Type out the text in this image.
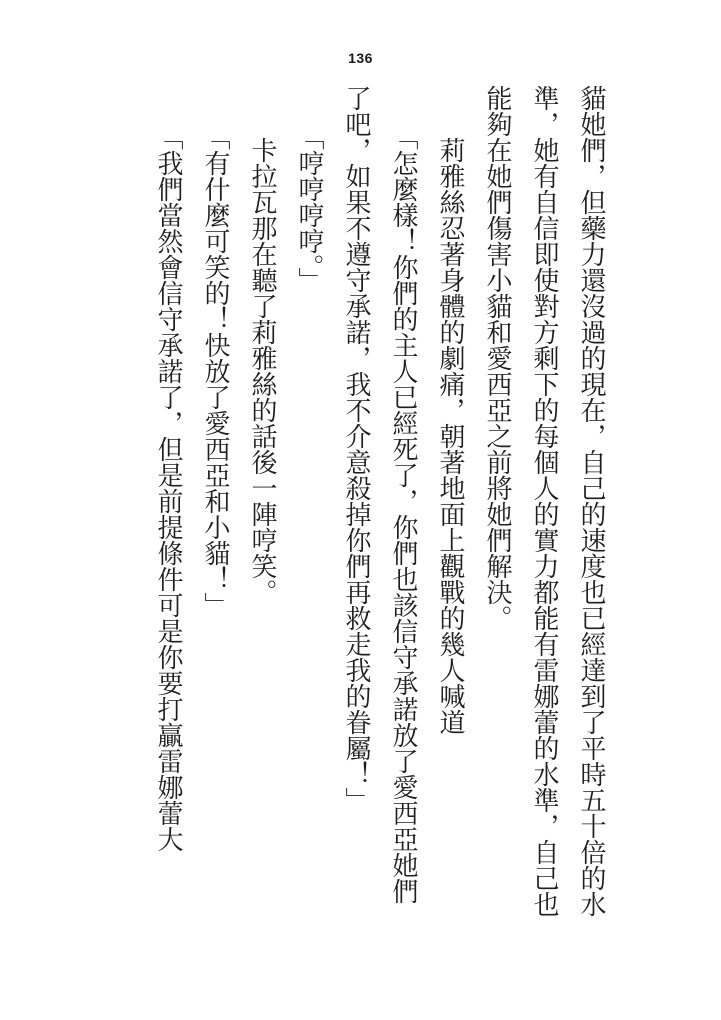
136

貓她們，但藥力還沒過的現在，自己的速度也已經達到了平時五十倍的水準，她有自信即使對方剩下的每個人的實力都能有雷娜蕾的水準，自己也能夠在她們傷害小貓和愛西亞之前將她們解決。

　　莉雅絲忍著身體的劇痛，朝著地面上觀戰的幾人喊道

　　「怎麼樣！你們的主人已經死了，你們也該信守承諾放了愛西亞她們了吧，如果不遵守承諾，我不介意殺掉你們再救走我的眷屬！」

　　「哼哼哼哼。」

　　卡拉瓦那在聽了莉雅絲的話後一陣哼笑。

　　「有什麼可笑的！快放了愛西亞和小貓！」

　　「我們當然會信守承諾了，但是前提條件可是你要打贏雷娜蕾大
